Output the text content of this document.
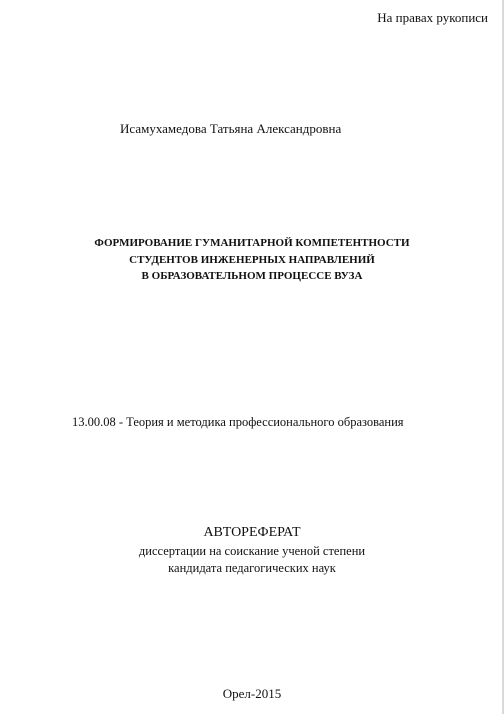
На правах рукописи
Исамухамедова Татьяна Александровна
ФОРМИРОВАНИЕ ГУМАНИТАРНОЙ КОМПЕТЕНТНОСТИ
СТУДЕНТОВ ИНЖЕНЕРНЫХ НАПРАВЛЕНИЙ
В ОБРАЗОВАТЕЛЬНОМ ПРОЦЕССЕ ВУЗА
13.00.08 - Теория и методика профессионального образования
АВТОРЕФЕРАТ
диссертации на соискание ученой степени
кандидата педагогических наук
Орел-2015
